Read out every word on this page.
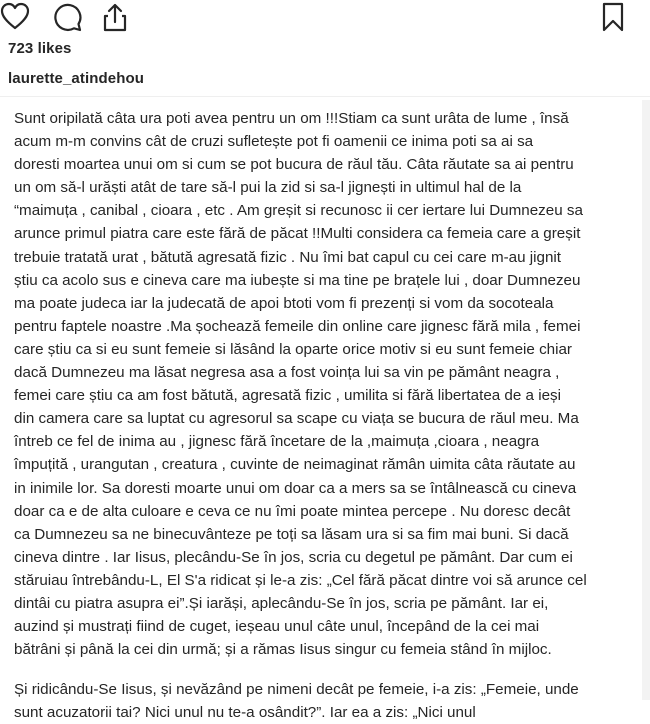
723 likes
laurette_atindehou

Sunt oripilată câta ura poti avea pentru un om !!!Stiam ca sunt urâta de lume , însă

acum m-m convins cât de cruzi sufletește pot fi oamenii ce inima poti sa ai sa

doresti moartea unui om si cum se pot bucura de răul tău. Câta răutate sa ai pentru

un om să-l urăști atât de tare să-l pui la zid si sa-l jignești in ultimul hal de la

“maimuța , canibal , cioara , etc . Am greșit si recunosc ii cer iertare lui Dumnezeu sa

arunce primul piatra care este fără de păcat !!Multi considera ca femeia care a greșit

trebuie tratată urat , bătută agresată fizic . Nu îmi bat capul cu cei care m-au jignit

știu ca acolo sus e cineva care ma iubește si ma tine pe brațele lui , doar Dumnezeu

ma poate judeca iar la judecată de apoi btoti vom fi prezenți si vom da socoteala

pentru faptele noastre .Ma șochează femeile din online care jignesc fără mila , femei

care știu ca si eu sunt femeie si lăsând la oparte orice motiv si eu sunt femeie chiar

dacă Dumnezeu ma lăsat negresa asa a fost voința lui sa vin pe pământ neagra ,

femei care știu ca am fost bătută, agresată fizic , umilita si fără libertatea de a ieși

din camera care sa luptat cu agresorul sa scape cu viața se bucura de răul meu. Ma

întreb ce fel de inima au , jignesc fără încetare de la ,maimuța ,cioara , neagra

împuțită , urangutan , creatura , cuvinte de neimaginat rămân uimita câta răutate au

in inimile lor. Sa doresti moarte unui om doar ca a mers sa se întâlnească cu cineva

doar ca e de alta culoare e ceva ce nu îmi poate mintea percepe . Nu doresc decât

ca Dumnezeu sa ne binecuvânteze pe toți sa lăsam ura si sa fim mai buni. Si dacă

cineva dintre . Iar Iisus, plecându-Se în jos, scria cu degetul pe pământ. Dar cum ei

stăruiau întrebându-L, El S'a ridicat și le-a zis: „Cel fără păcat dintre voi să arunce cel

dintâi cu piatra asupra ei”.Și iarăși, aplecându-Se în jos, scria pe pământ. Iar ei,

auzind și mustrați fiind de cuget, ieșeau unul câte unul, începând de la cei mai

bătrâni și până la cei din urmă; și a rămas Iisus singur cu femeia stând în mijloc.

Și ridicându-Se Iisus, și nevăzând pe nimeni decât pe femeie, i-a zis: „Femeie, unde

sunt acuzatorii tai? Nici unul nu te-a osândit?”. Iar ea a zis: „Nici unul
